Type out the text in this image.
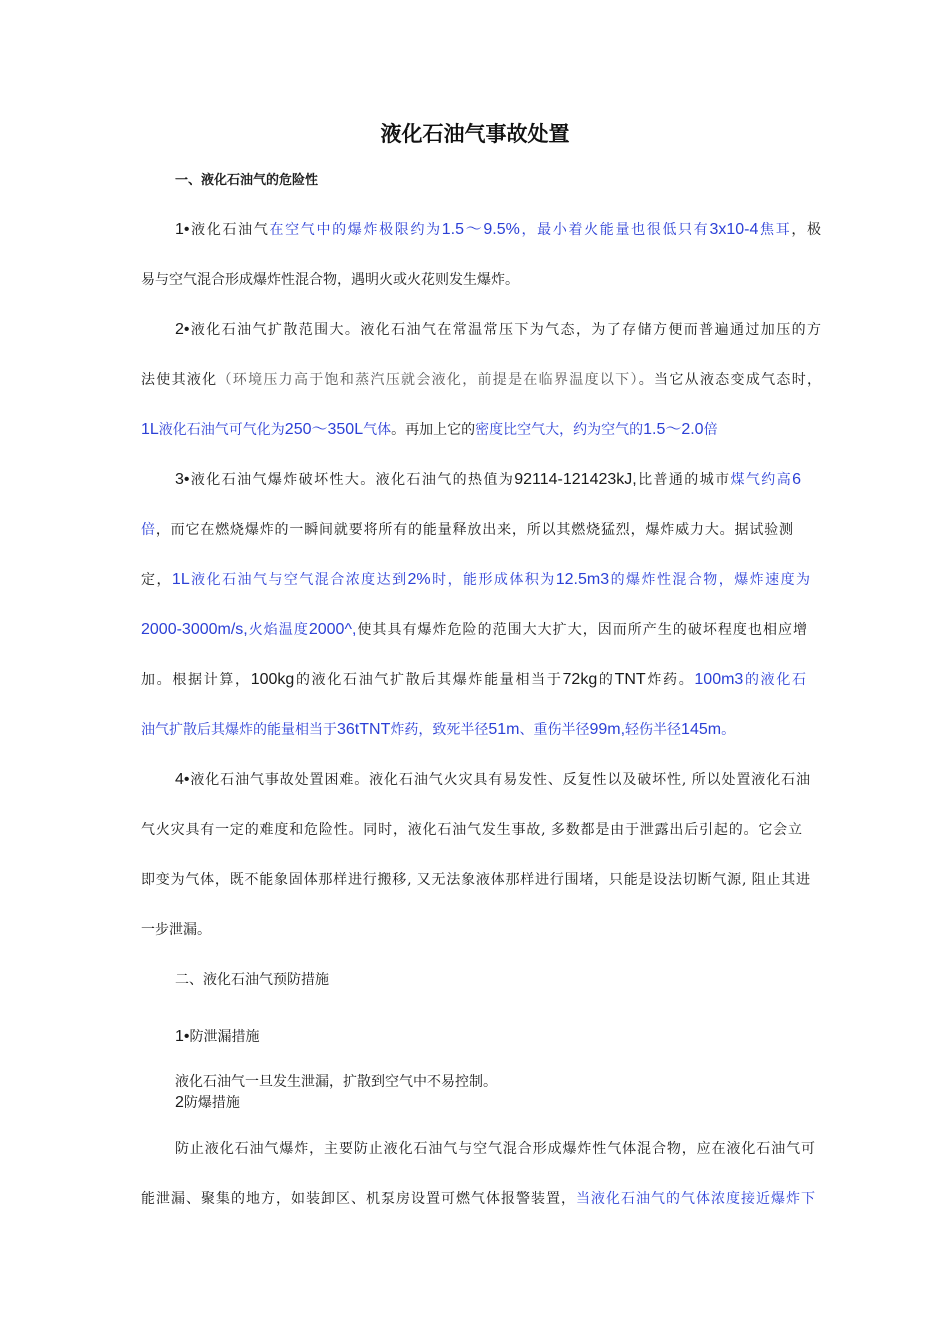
液化石油气事故处置
一、液化石油气的危险性
1•液化石油气在空气中的爆炸极限约为1.5～9.5%，最小着火能量也很低只有3x10-4焦耳，极
易与空气混合形成爆炸性混合物，遇明火或火花则发生爆炸。
2•液化石油气扩散范围大。液化石油气在常温常压下为气态，为了存储方便而普遍通过加压的方
法使其液化（环境压力高于饱和蒸汽压就会液化，前提是在临界温度以下）。当它从液态变成气态时，
1L液化石油气可气化为250～350L气体。再加上它的密度比空气大，约为空气的1.5～2.0倍
3•液化石油气爆炸破坏性大。液化石油气的热值为92114-121423kJ,比普通的城市煤气约高6
倍，而它在燃烧爆炸的一瞬间就要将所有的能量释放出来，所以其燃烧猛烈，爆炸威力大。据试验测
定，1L液化石油气与空气混合浓度达到2%时，能形成体积为12.5m3的爆炸性混合物，爆炸速度为
2000-3000m/s,火焰温度2000^,使其具有爆炸危险的范围大大扩大，因而所产生的破坏程度也相应增
加。根据计算，100kg的液化石油气扩散后其爆炸能量相当于72kg的TNT炸药。100m3的液化石
油气扩散后其爆炸的能量相当于36tTNT炸药，致死半径51m、重伤半径99m,轻伤半径145m。
4•液化石油气事故处置困难。液化石油气火灾具有易发性、反复性以及破坏性, 所以处置液化石油
气火灾具有一定的难度和危险性。同时，液化石油气发生事故, 多数都是由于泄露出后引起的。它会立
即变为气体，既不能象固体那样进行搬移, 又无法象液体那样进行围堵，只能是设法切断气源, 阻止其进
一步泄漏。
二、液化石油气预防措施
1•防泄漏措施
液化石油气一旦发生泄漏，扩散到空气中不易控制。
2防爆措施
防止液化石油气爆炸，主要防止液化石油气与空气混合形成爆炸性气体混合物，应在液化石油气可
能泄漏、聚集的地方，如装卸区、机泵房设置可燃气体报警装置，当液化石油气的气体浓度接近爆炸下
